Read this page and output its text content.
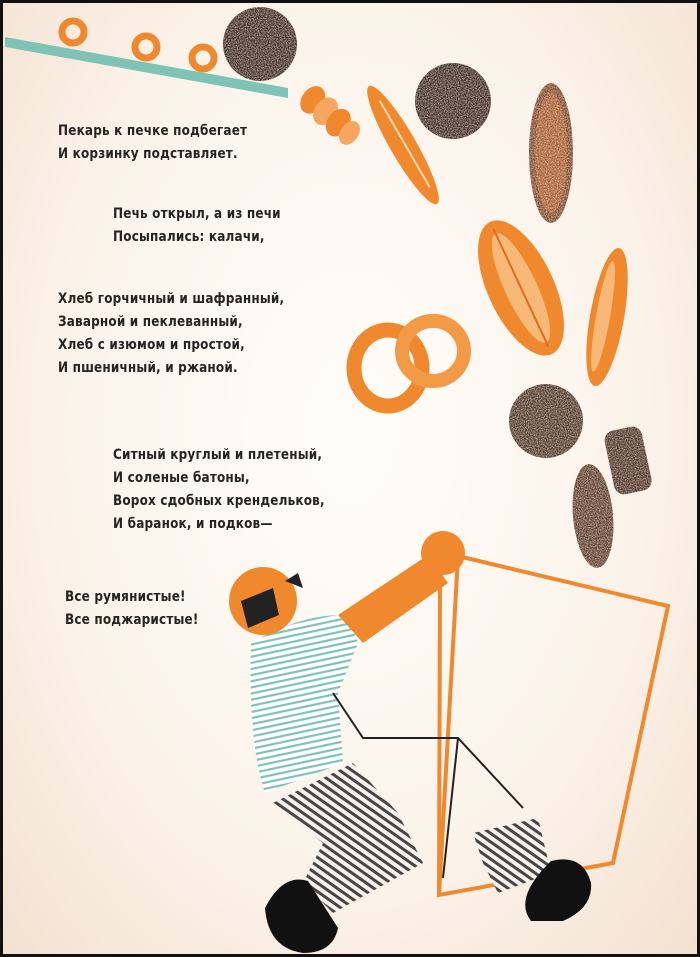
Пекарь к печке подбегает
И корзинку подставляет.
Печь открыл, а из печи
Посыпались: калачи,
Хлеб горчичный и шафранный,
Заварной и пеклеванный,
Хлеб с изюмом и простой,
И пшеничный, и ржаной.
Ситный круглый и плетеный,
И соленые батоны,
Ворох сдобных крендельков,
И баранок, и подков—
Все румянистые!
Все поджаристые!
